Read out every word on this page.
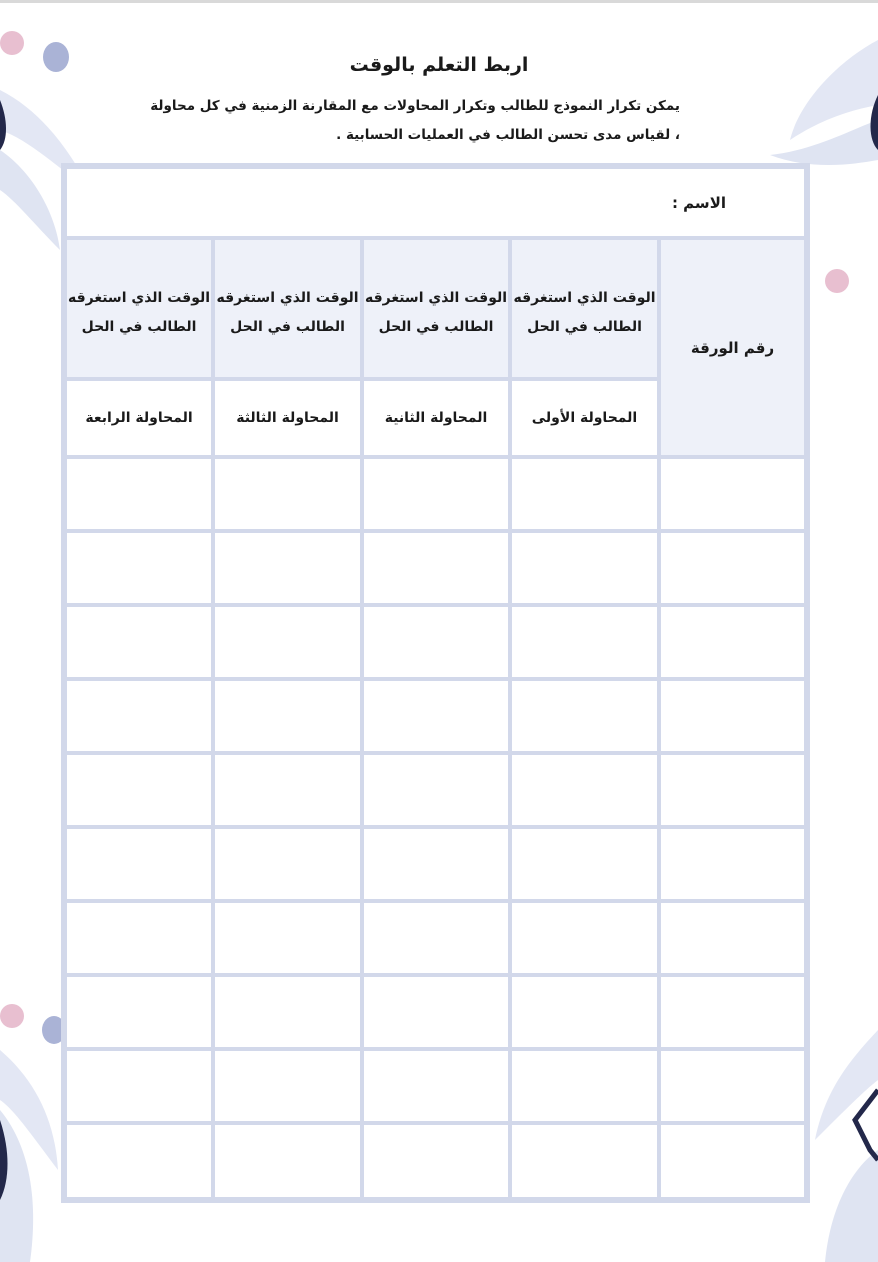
اربط التعلم بالوقت
يمكن تكرار النموذج للطالب وتكرار المحاولات مع المقارنة الزمنية في كل محاولة ، لقياس مدى تحسن الطالب في العمليات الحسابية .
الاسم :
رقم الورقة
الوقت الذي استغرقه الطالب في الحل
الوقت الذي استغرقه الطالب في الحل
الوقت الذي استغرقه الطالب في الحل
الوقت الذي استغرقه الطالب في الحل
المحاولة الأولى
المحاولة الثانية
المحاولة الثالثة
المحاولة الرابعة
